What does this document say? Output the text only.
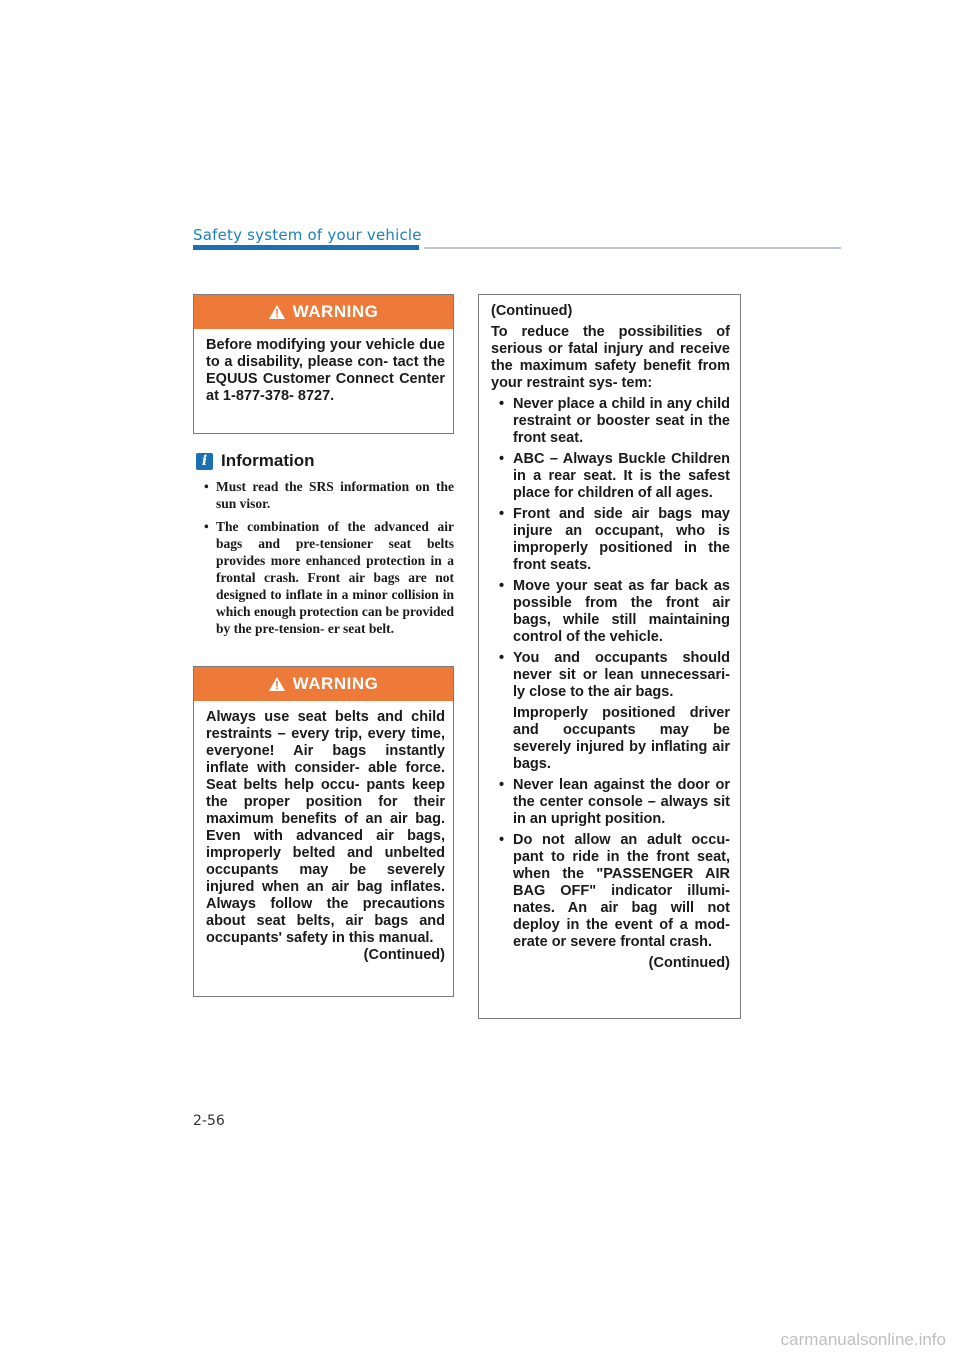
Safety system of your vehicle
WARNING
Before modifying your vehicle due to a disability, please con- tact the EQUUS Customer Connect Center at 1-877-378- 8727.
i Information
• Must read the SRS information on the sun visor.
• The combination of the advanced air bags and pre-tensioner seat belts provides more enhanced protection in a frontal crash. Front air bags are not designed to inflate in a minor collision in which enough protection can be provided by the pre-tension- er seat belt.
WARNING
Always use seat belts and child restraints – every trip, every time, everyone! Air bags instantly inflate with consider- able force. Seat belts help occu- pants keep the proper position for their maximum benefits of an air bag. Even with advanced air bags, improperly belted and unbelted occupants may be severely injured when an air bag inflates. Always follow the precautions about seat belts, air bags and occupants' safety in this manual.
(Continued)
(Continued)
To reduce the possibilities of serious or fatal injury and receive the maximum safety benefit from your restraint sys- tem:
• Never place a child in any child restraint or booster seat in the front seat.
• ABC – Always Buckle Children in a rear seat. It is the safest place for children of all ages.
• Front and side air bags may injure an occupant, who is improperly positioned in the front seats.
• Move your seat as far back as possible from the front air bags, while still maintaining control of the vehicle.
• You and occupants should never sit or lean unnecessari- ly close to the air bags.
Improperly positioned driver and occupants may be severely injured by inflating air bags.
• Never lean against the door or the center console – always sit in an upright position.
• Do not allow an adult occu- pant to ride in the front seat, when the "PASSENGER AIR BAG OFF" indicator illumi- nates. An air bag will not deploy in the event of a mod- erate or severe frontal crash.
(Continued)
2-56
carmanualsonline.info
